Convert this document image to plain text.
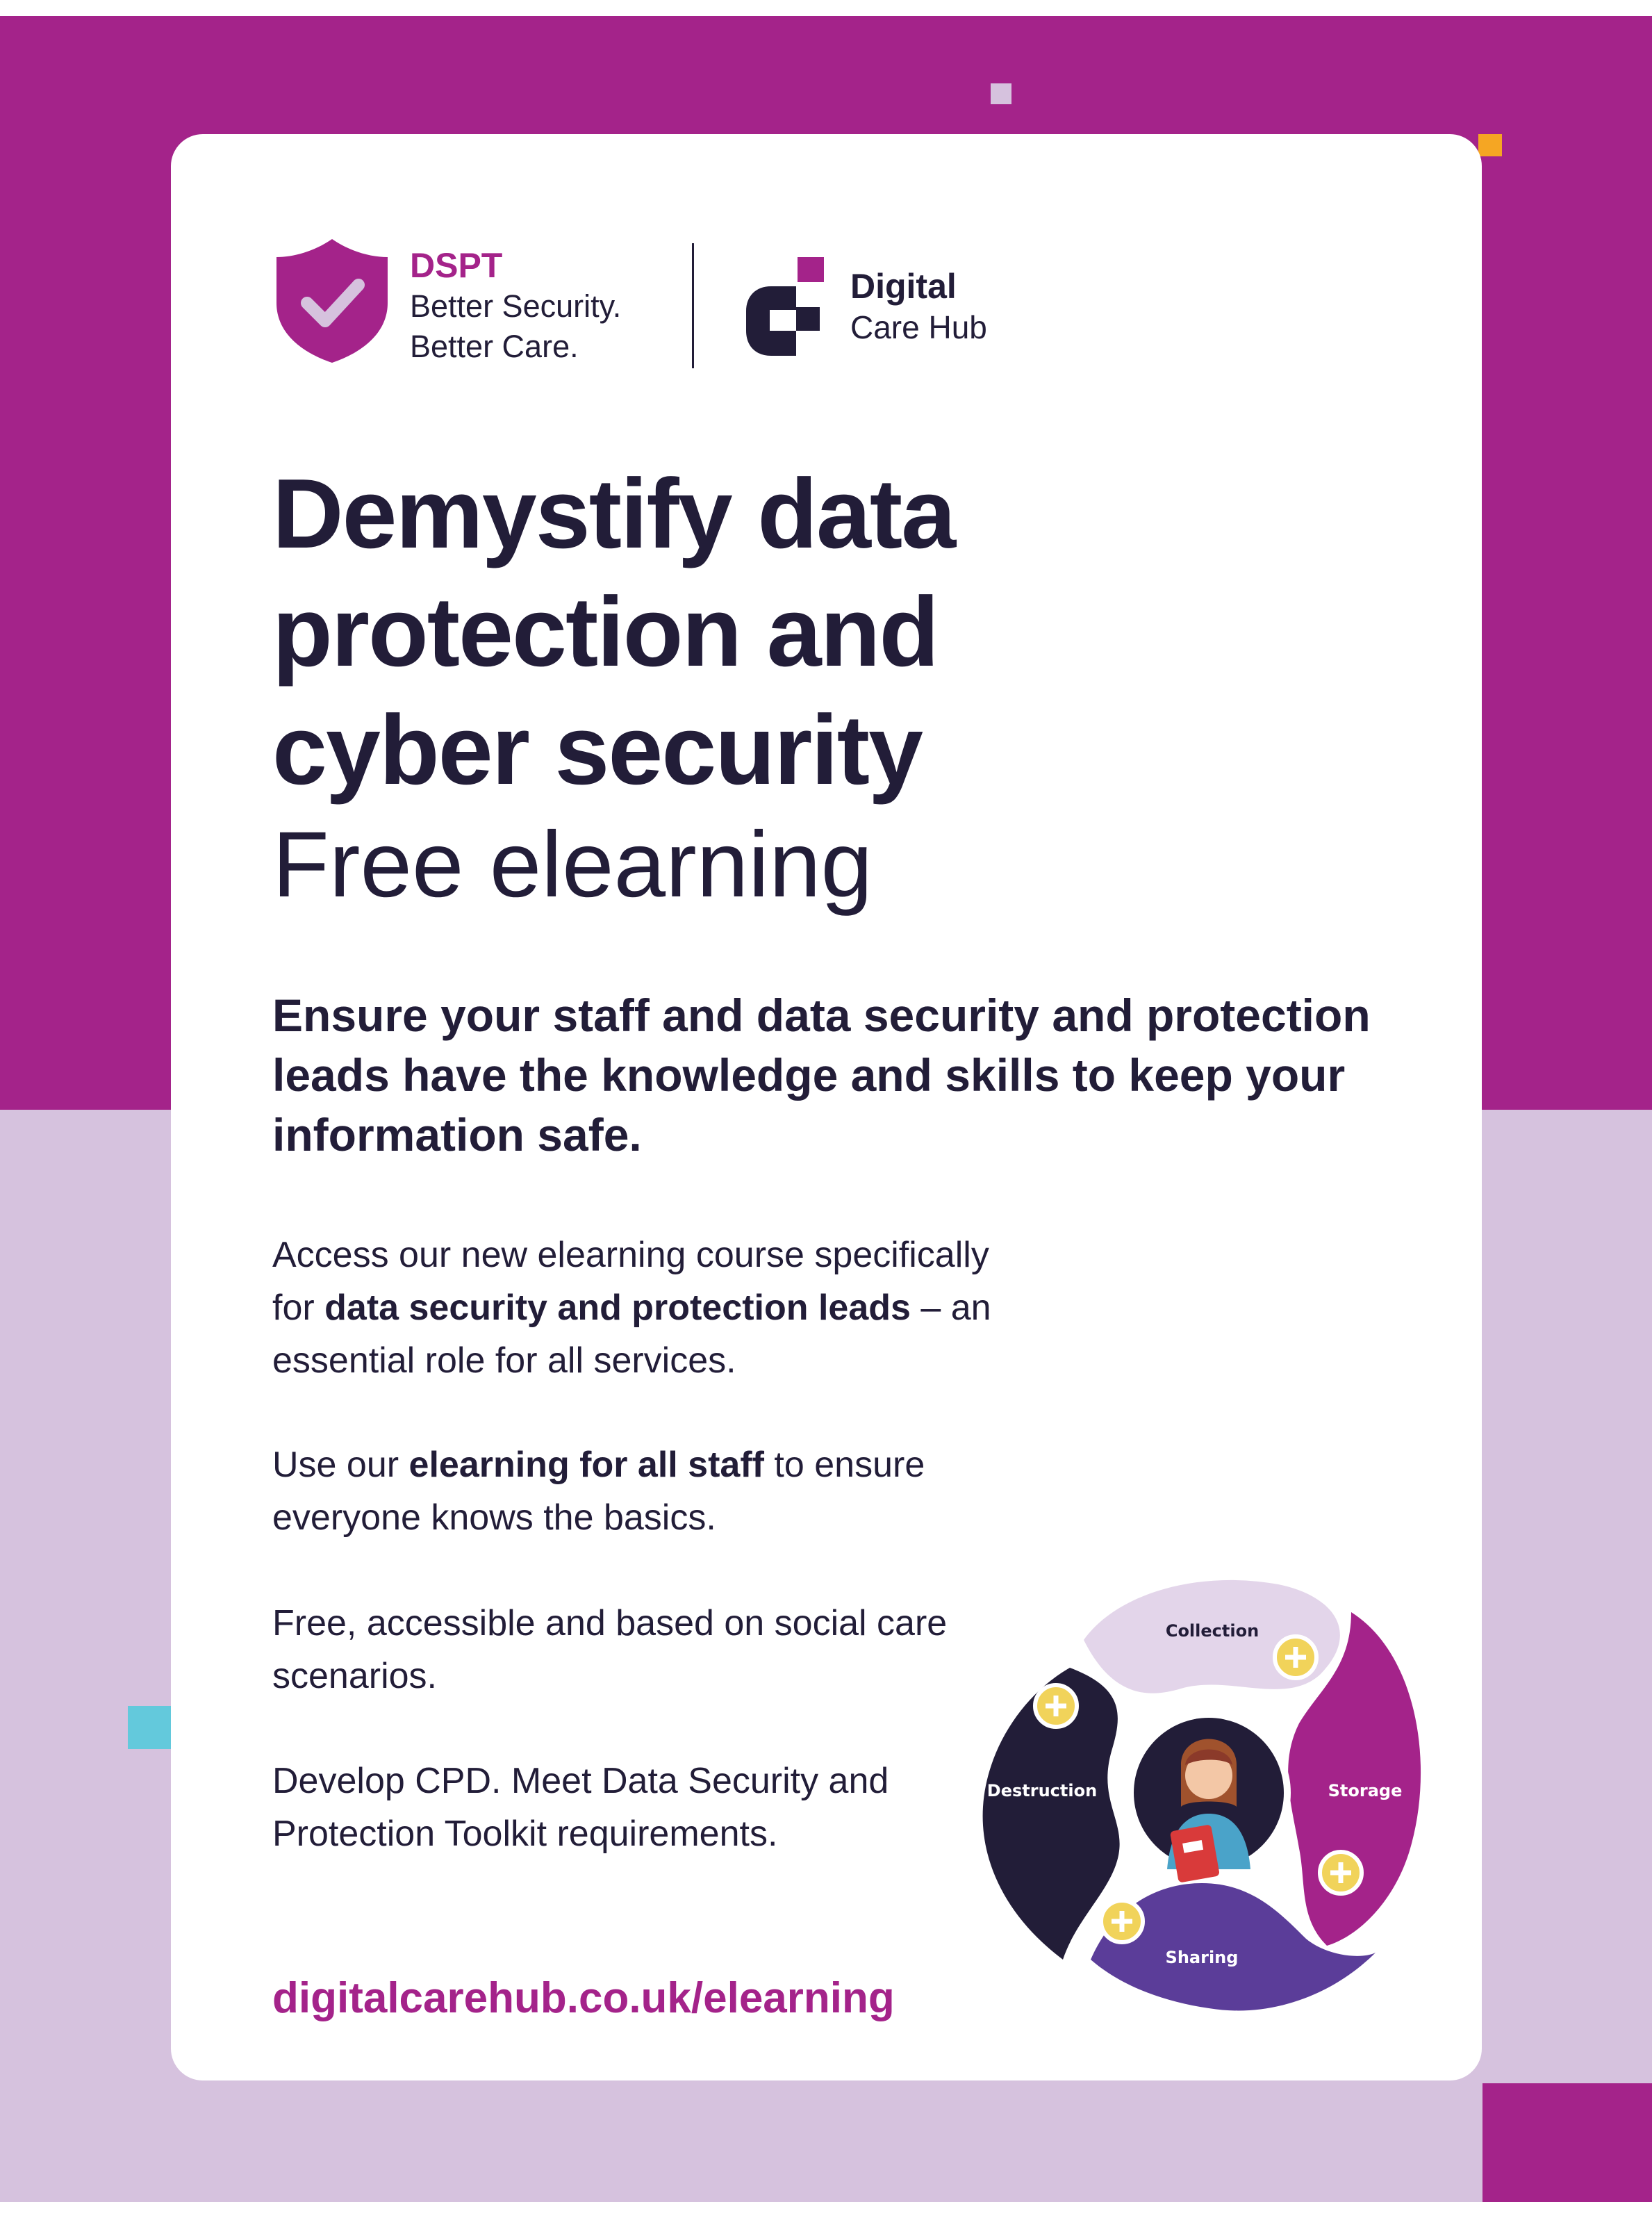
DSPT
Better Security.
Better Care.
Digital
Care Hub
Demystify data
protection and
cyber security
Free elearning
Ensure your staff and data security and protection leads have the knowledge and skills to keep your information safe.
Access our new elearning course specifically for data security and protection leads – an essential role for all services.
Use our elearning for all staff to ensure everyone knows the basics.
Free, accessible and based on social care scenarios.
Develop CPD. Meet Data Security and Protection Toolkit requirements.
digitalcarehub.co.uk/elearning
Collection
Storage
Sharing
Destruction
